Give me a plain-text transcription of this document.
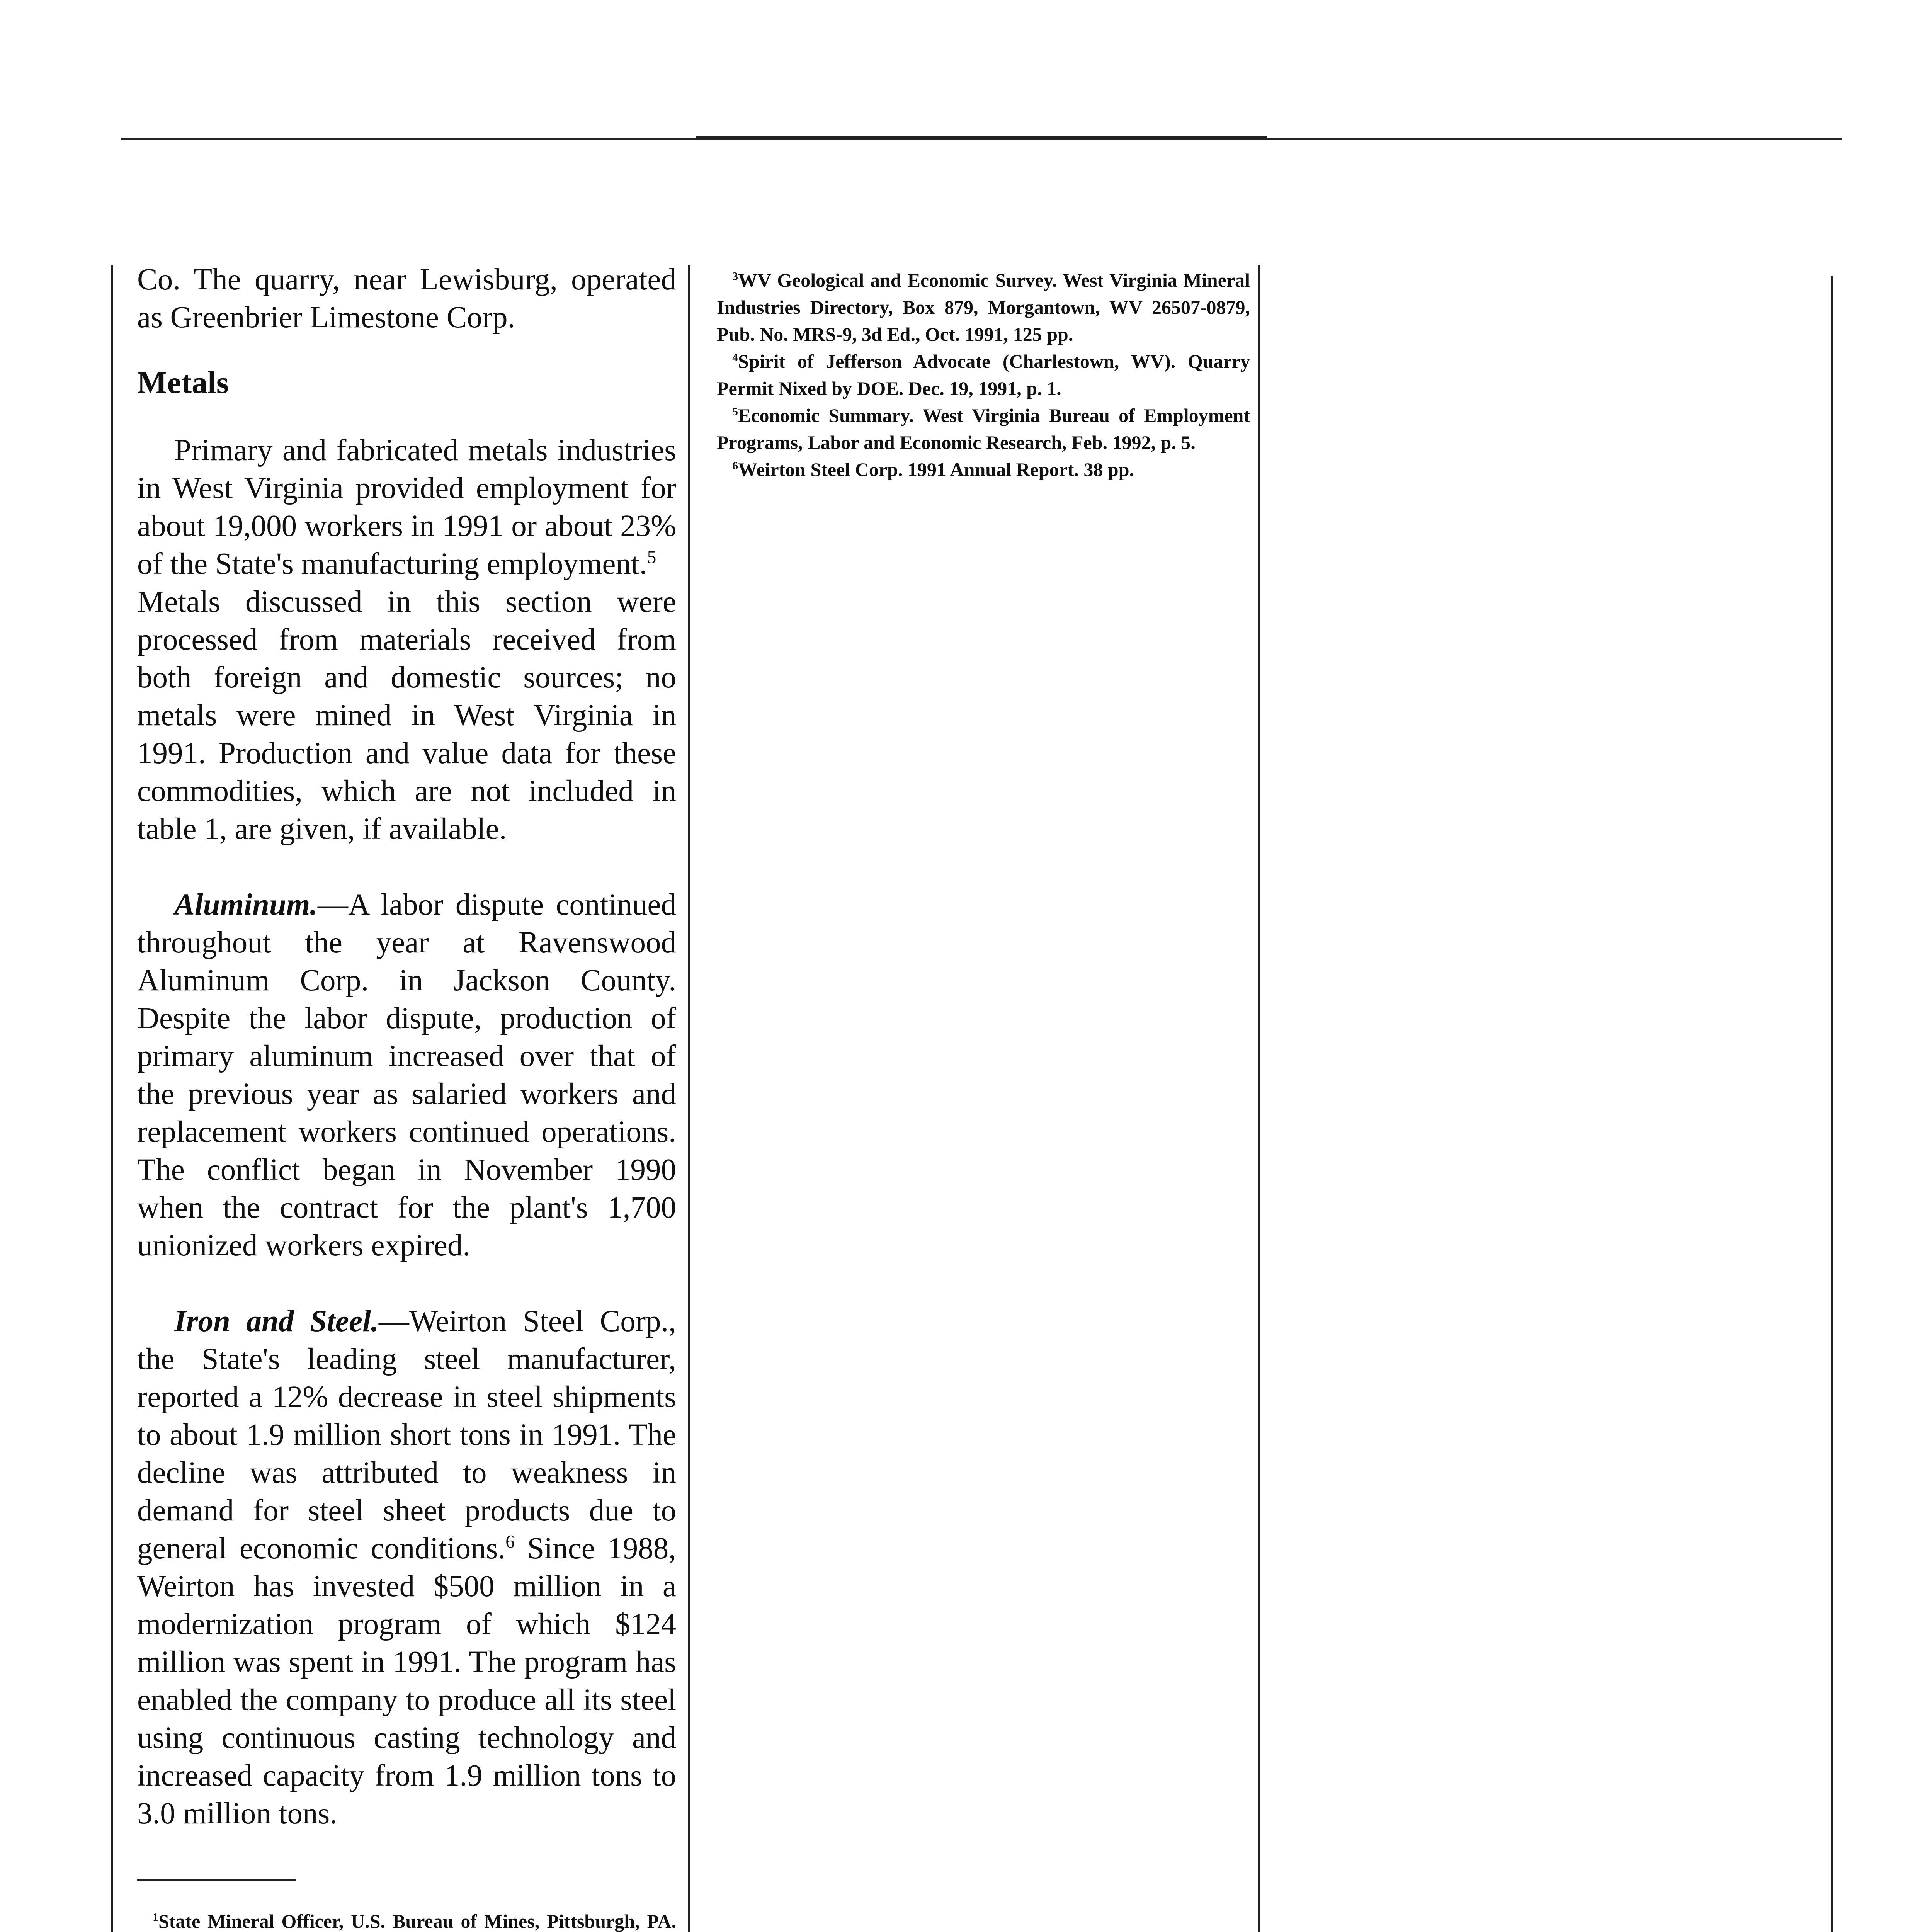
Co. The quarry, near Lewisburg, operated as Greenbrier Limestone Corp.

Metals

Primary and fabricated metals industries in West Virginia provided employment for about 19,000 workers in 1991 or about 23% of the State's manufacturing employment.$^5$

Metals discussed in this section were processed from materials received from both foreign and domestic sources; no metals were mined in West Virginia in 1991. Production and value data for these commodities, which are not included in table 1, are given, if available.

Aluminum.—A labor dispute continued throughout the year at Ravenswood Aluminum Corp. in Jackson County. Despite the labor dispute, production of primary aluminum increased over that of the previous year as salaried workers and replacement workers continued operations. The conflict began in November 1990 when the contract for the plant's 1,700 unionized workers expired.

Iron and Steel.—Weirton Steel Corp., the State's leading steel manufacturer, reported a 12% decrease in steel shipments to about 1.9 million short tons in 1991. The decline was attributed to weakness in demand for steel sheet products due to general economic conditions.$^6$ Since 1988, Weirton has invested $500 million in a modernization program of which $124 million was spent in 1991. The program has enabled the company to produce all its steel using continuous casting technology and increased capacity from 1.9 million tons to 3.0 million tons.

$^1$State Mineral Officer, U.S. Bureau of Mines, Pittsburgh, PA.

$^3$WV Geological and Economic Survey. West Virginia Mineral Industries Directory, Box 879, Morgantown, WV 26507-0879, Pub. No. MRS-9, 3d Ed., Oct. 1991, 125 pp.

$^4$Spirit of Jefferson Advocate (Charlestown, WV). Quarry Permit Nixed by DOE. Dec. 19, 1991, p. 1.

$^5$Economic Summary. West Virginia Bureau of Employment Programs, Labor and Economic Research, Feb. 1992, p. 5.

$^6$Weirton Steel Corp. 1991 Annual Report. 38 pp.
